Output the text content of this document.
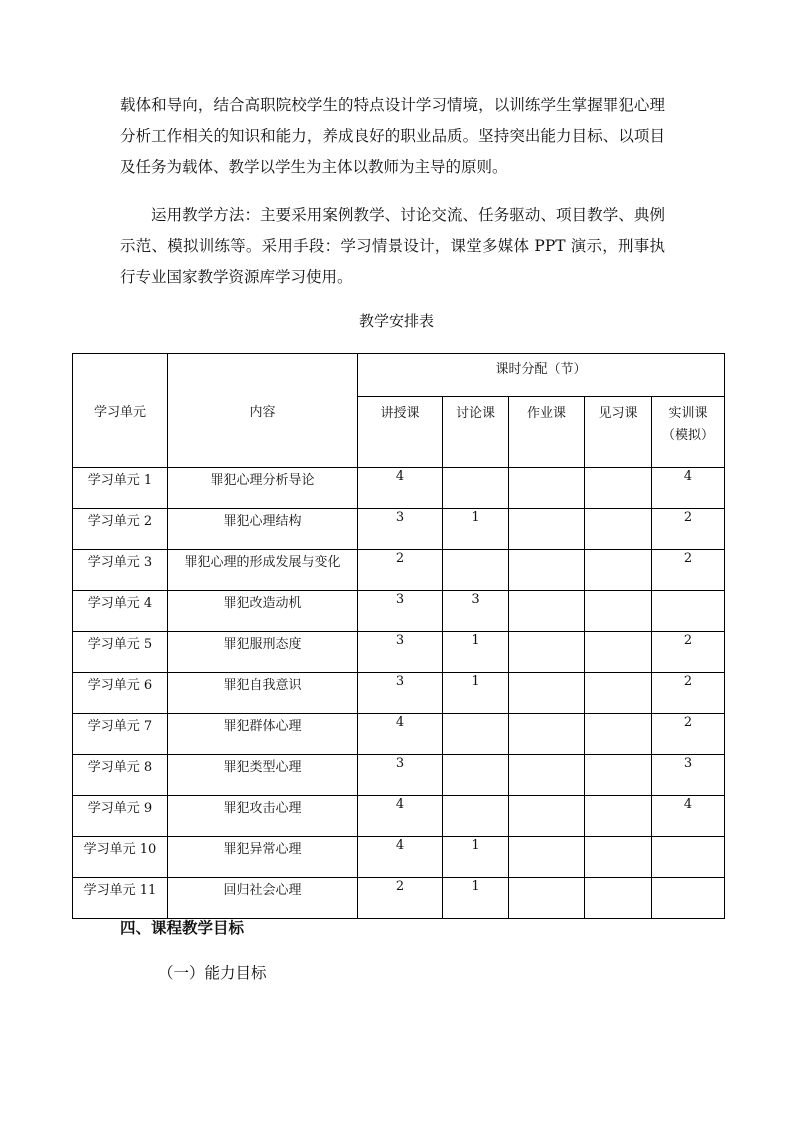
载体和导向，结合高职院校学生的特点设计学习情境，以训练学生掌握罪犯心理分析工作相关的知识和能力，养成良好的职业品质。坚持突出能力目标、以项目及任务为载体、教学以学生为主体以教师为主导的原则。
运用教学方法：主要采用案例教学、讨论交流、任务驱动、项目教学、典例示范、模拟训练等。采用手段：学习情景设计，课堂多媒体 PPT 演示，刑事执行专业国家教学资源库学习使用。
教学安排表
学习单元	内容	课时分配（节）				
		讲授课	讨论课	作业课	见习课	实训课
（模拟）
学习单元 1	罪犯心理分析导论	4				4
学习单元 2	罪犯心理结构	3	1			2
学习单元 3	罪犯心理的形成发展与变化	2				2
学习单元 4	罪犯改造动机	3	3			
学习单元 5	罪犯服刑态度	3	1			2
学习单元 6	罪犯自我意识	3	1			2
学习单元 7	罪犯群体心理	4				2
学习单元 8	罪犯类型心理	3				3
学习单元 9	罪犯攻击心理	4				4
学习单元 10	罪犯异常心理	4	1			
学习单元 11	回归社会心理	2	1			
四、课程教学目标
（一）能力目标
